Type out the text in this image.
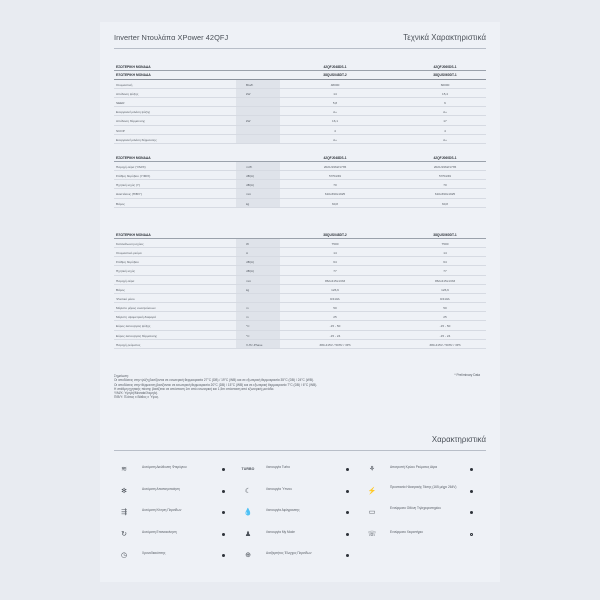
Inverter Ντουλάπα XPower 42QFJ	Τεχνικά Χαρακτηριστικά
ΕΣΩΤΕΡΙΚΗ ΜΟΝΑΔΑ	42QFJ048DS-1	42QFJ060DS-1
ΕΞΩΤΕΡΙΚΗ ΜΟΝΑΔΑ	38QUS048DT-2	38QUS060DT-1
Ονομαστική	Btu/h	48000	60000
Απόδοση ψύξης	kW	14	15,4
SEER	5,8	6
Ενεργειακή κλάση ψύξης	A+	A+
Απόδοση θέρμανσης	kW	16,1	17
SCOP	4	4
Ενεργειακή κλάση θέρμανσης	A+	A+
ΕΣΩΤΕΡΙΚΗ ΜΟΝΑΔΑ	42QFJ048DS-1	42QFJ060DS-1
Παροχή αέρα (Υ/Μ/Χ)	m³/h	2021/1962/1735	2021/1962/1735
Στάθμη θορύβου (Υ/Μ/Χ)	dB(A)	57/54/49	57/54/49
Ηχητική ισχύς (Υ)	dB(A)	70	70
Διαστάσεις (Π/Β/Υ)	mm	610x390x1925	610x390x1925
Βάρος	kg	60,8	60,8
ΕΞΩΤΕΡΙΚΗ ΜΟΝΑΔΑ	38QUS048DT-2	38QUS060DT-1
Κατανάλωση ισχύος	W	7500	7500
Ονομαστικό ρεύμα	A	14	14
Στάθμη θορύβου	dB(A)	64	64
Ηχητική ισχύς	dB(A)	77	77
Παροχή αέρα	mm	952x415x1333	952x415x1333
Βάρος	kg	126,6	126,6
Ψυκτικό μέσο	R410A	R410A
Μέγιστο μήκος σωληνώσεων	m	50	50
Μέγιστη υψομετρική διαφορά	m	25	25
Εύρος λειτουργίας ψύξης	°C	-15 - 50	-15 - 50
Εύρος λειτουργίας θέρμανσης	°C	-15 - 24	-15 - 24
Παροχή ρεύματος	V-Hz-Phase	380-415V / 50Hz / 3Ph	380-415V / 50Hz / 3Ph
* Preliminary Data
Σημείωση:
Οι αποδόσεις στην ψύξη βασίζονται σε εσωτερική θερμοκρασία 27°C (DB) / 19°C (WB) και σε εξωτερική θερμοκρασία 35°C (DB) / 24°C (WB).
Οι αποδόσεις στην θέρμανση βασίζονται σε εσωτερική θερμοκρασία 20°C (DB) / 15°C (WB) και σε εξωτερική θερμοκρασία 7°C (DB) / 6°C (WB).
Η στάθμη ηχητικής πίεσης βασίζεται σε απόσταση 1m από εσωτερική και 1,5m απόσταση από εξωτερική μονάδα.
Υ/Μ/Χ: Υψηλή/Μεσαία/Χαμηλή.
Π/Β/Υ: Πλάτος x Βάθος x Ύψος.
Χαρακτηριστικά
≋	Αυτόματη Διεύθυνση Φτερύγιου
✻	Αυτόματη Αποπαγοποίηση
⇶	Αυτόματη Κίνηση Περσίδων
↻	Αυτόματη Επανεκκίνηση
◷	Χρονοδιακόπτης
TURBO	Λειτουργία Turbo
☾	Λειτουργία Ύπνου
💧	Λειτουργία Αφύγρανσης
♟	Λειτουργία My Mode
⊕	Ανεξαρτήτος Έλεγχος Περσίδων
⚘	Αποτροπή Κρύου Ρεύματος Αέρα
⚡
Προστασία Ηλεκτρικής Τάσης (165 μέχρι 264V)
▭
Ενσύρματο Οθόνη Τηλεχειριστηρίου
☏	Ενσύρματο Χειριστήριο
